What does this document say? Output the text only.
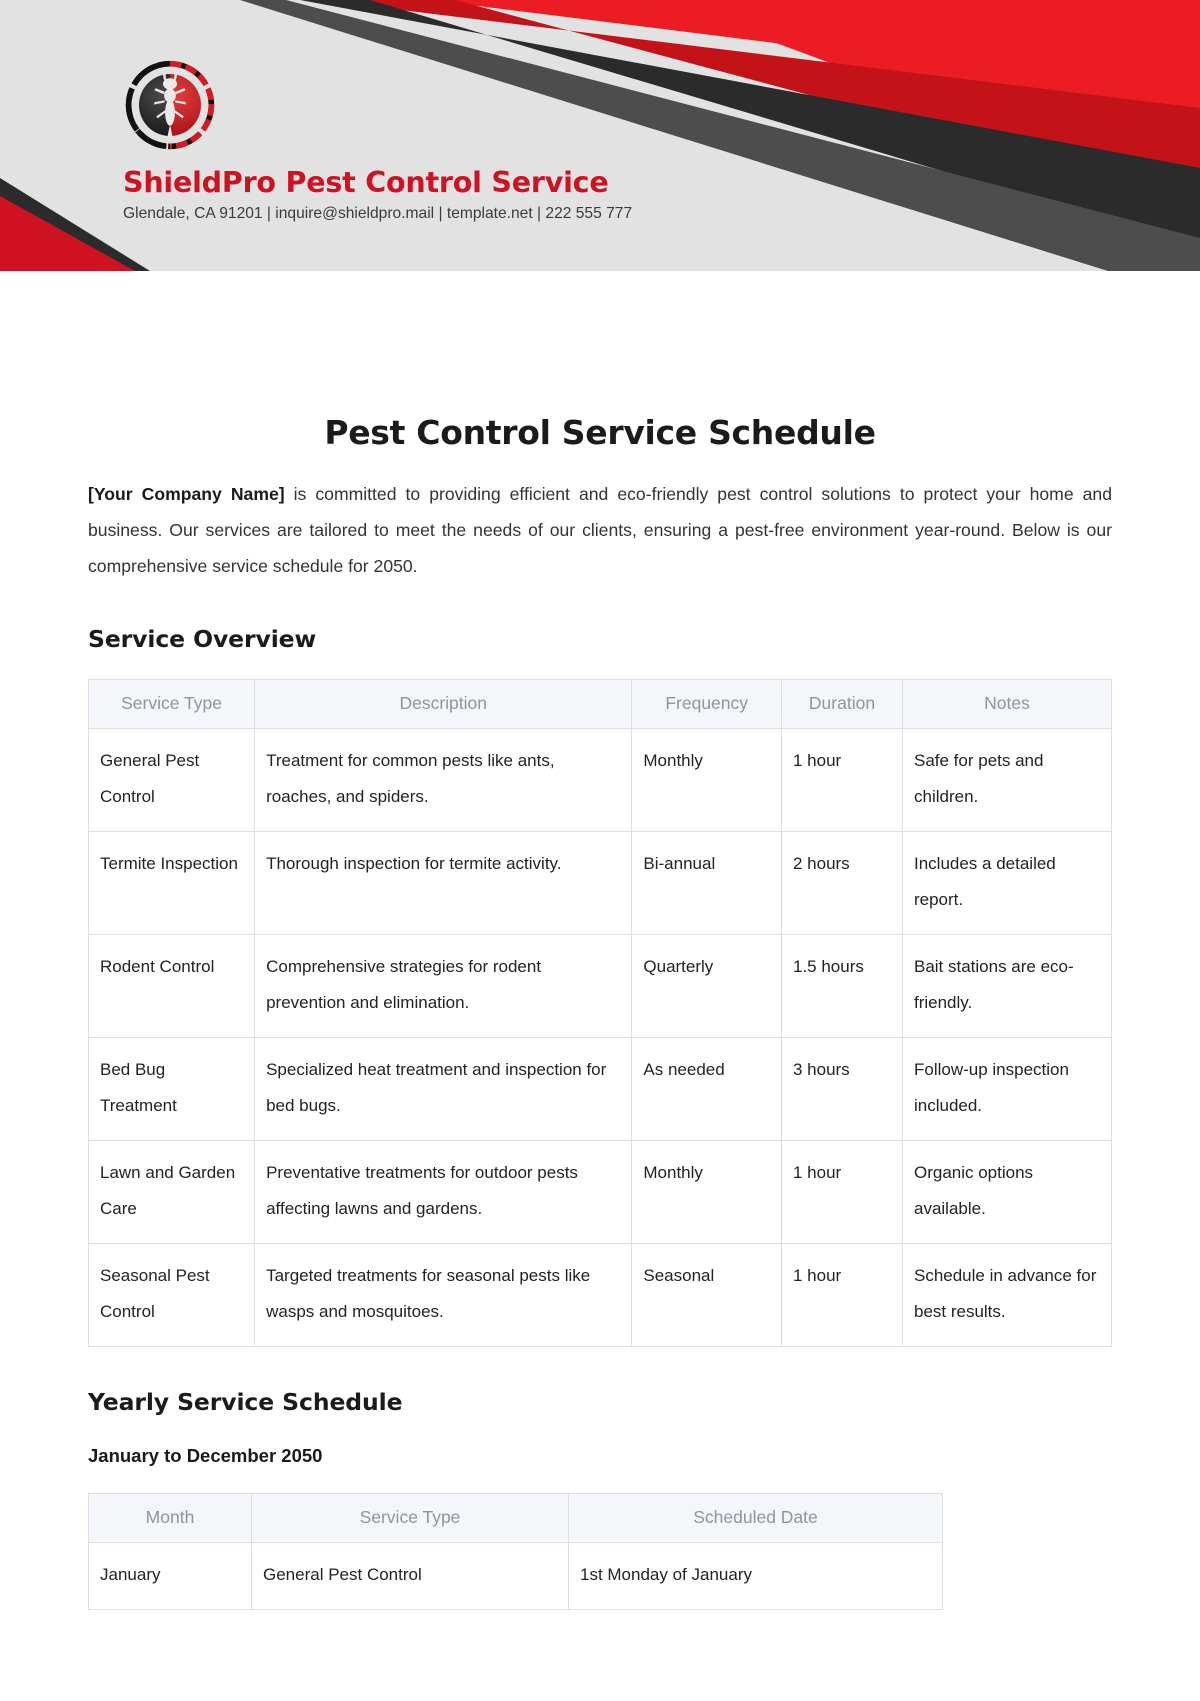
ShieldPro Pest Control Service
Glendale, CA 91201 | inquire@shieldpro.mail | template.net | 222 555 777
Pest Control Service Schedule

[Your Company Name] is committed to providing efficient and eco-friendly pest control solutions to protect your home and business. Our services are tailored to meet the needs of our clients, ensuring a pest-free environment year-round. Below is our comprehensive service schedule for 2050.

Service Overview
Service Type	Description	Frequency	Duration	Notes
General Pest Control	Treatment for common pests like ants, roaches, and spiders.	Monthly	1 hour	Safe for pets and children.
Termite Inspection	Thorough inspection for termite activity.	Bi-annual	2 hours	Includes a detailed report.
Rodent Control	Comprehensive strategies for rodent prevention and elimination.	Quarterly	1.5 hours	Bait stations are eco-friendly.
Bed Bug Treatment	Specialized heat treatment and inspection for bed bugs.	As needed	3 hours	Follow-up inspection included.
Lawn and Garden Care	Preventative treatments for outdoor pests affecting lawns and gardens.	Monthly	1 hour	Organic options available.
Seasonal Pest Control	Targeted treatments for seasonal pests like wasps and mosquitoes.	Seasonal	1 hour	Schedule in advance for best results.
Yearly Service Schedule
January to December 2050
Month	Service Type	Scheduled Date
January	General Pest Control	1st Monday of January
